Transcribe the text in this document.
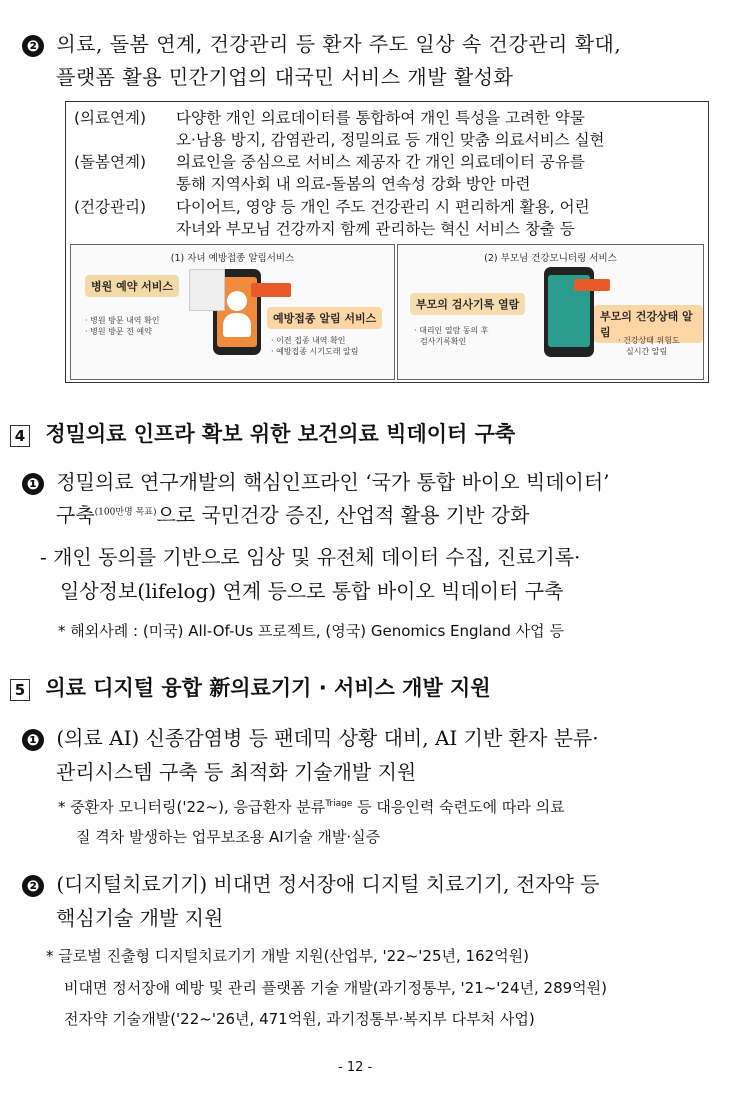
❷ 의료, 돌봄 연계, 건강관리 등 환자 주도 일상 속 건강관리 확대,
플랫폼 활용 민간기업의 대국민 서비스 개발 활성화
(의료연계) 다양한 개인 의료데이터를 통합하여 개인 특성을 고려한 약물
오·남용 방지, 감염관리, 정밀의료 등 개인 맞춤 의료서비스 실현
(돌봄연계) 의료인을 중심으로 서비스 제공자 간 개인 의료데이터 공유를
통해 지역사회 내 의료-돌봄의 연속성 강화 방안 마련
(건강관리) 다이어트, 영양 등 개인 주도 건강관리 시 편리하게 활용, 어린
자녀와 부모님 건강까지 함께 관리하는 혁신 서비스 창출 등
(1) 자녀 예방접종 알림서비스
병원 예약 서비스
· 병원 방문 내역 확인
· 병원 방문 전 예약
예방접종 알림 서비스
· 이전 접종 내역 확인
· 예방접종 시기도래 알림
(2) 부모님 건강모니터링 서비스
부모의 검사기록 열람
· 대리인 열람 동의 후
검사기록확인
부모의 건강상태 알림
· 건강상태 위험도
실시간 알림
4 정밀의료 인프라 확보 위한 보건의료 빅데이터 구축
❶ 정밀의료 연구개발의 핵심인프라인 ‘국가 통합 바이오 빅데이터’
구축$^{(100만명 목표)}$으로 국민건강 증진, 산업적 활용 기반 강화
- 개인 동의를 기반으로 임상 및 유전체 데이터 수집, 진료기록·
일상정보(lifelog) 연계 등으로 통합 바이오 빅데이터 구축
* 해외사례 : (미국) All-Of-Us 프로젝트, (영국) Genomics England 사업 등
5 의료 디지털 융합 新의료기기 · 서비스 개발 지원
❶ (의료 AI) 신종감염병 등 팬데믹 상황 대비, AI 기반 환자 분류·
관리시스템 구축 등 최적화 기술개발 지원
* 중환자 모니터링('22~), 응급환자 분류$^{Triage}$ 등 대응인력 숙련도에 따라 의료
질 격차 발생하는 업무보조용 AI기술 개발·실증
❷ (디지털치료기기) 비대면 정서장애 디지털 치료기기, 전자약 등
핵심기술 개발 지원
* 글로벌 진출형 디지털치료기기 개발 지원(산업부, '22~'25년, 162억원)
비대면 정서장애 예방 및 관리 플랫폼 기술 개발(과기정통부, '21~'24년, 289억원)
전자약 기술개발('22~'26년, 471억원, 과기정통부·복지부 다부처 사업)
- 12 -
